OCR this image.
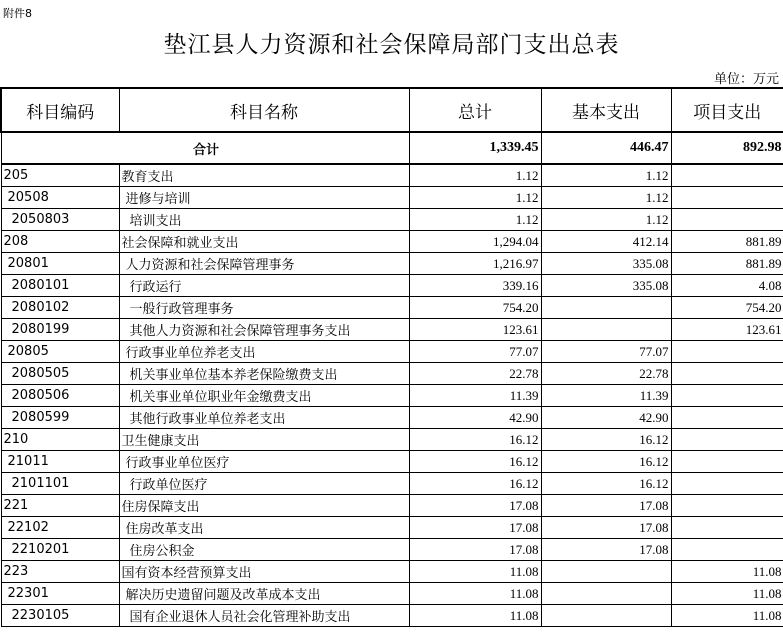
附件8
垫江县人力资源和社会保障局部门支出总表
单位：万元
科目编码	科目名称	总计	基本支出	项目支出
合计		1,339.45	446.47	892.98
205	教育支出	1.12	1.12	
20508	进修与培训	1.12	1.12	
2050803	培训支出	1.12	1.12	
208	社会保障和就业支出	1,294.04	412.14	881.89
20801	人力资源和社会保障管理事务	1,216.97	335.08	881.89
2080101	行政运行	339.16	335.08	4.08
2080102	一般行政管理事务	754.20		754.20
2080199	其他人力资源和社会保障管理事务支出	123.61		123.61
20805	行政事业单位养老支出	77.07	77.07	
2080505	机关事业单位基本养老保险缴费支出	22.78	22.78	
2080506	机关事业单位职业年金缴费支出	11.39	11.39	
2080599	其他行政事业单位养老支出	42.90	42.90	
210	卫生健康支出	16.12	16.12	
21011	行政事业单位医疗	16.12	16.12	
2101101	行政单位医疗	16.12	16.12	
221	住房保障支出	17.08	17.08	
22102	住房改革支出	17.08	17.08	
2210201	住房公积金	17.08	17.08	
223	国有资本经营预算支出	11.08		11.08
22301	解决历史遗留问题及改革成本支出	11.08		11.08
2230105	国有企业退休人员社会化管理补助支出	11.08		11.08
